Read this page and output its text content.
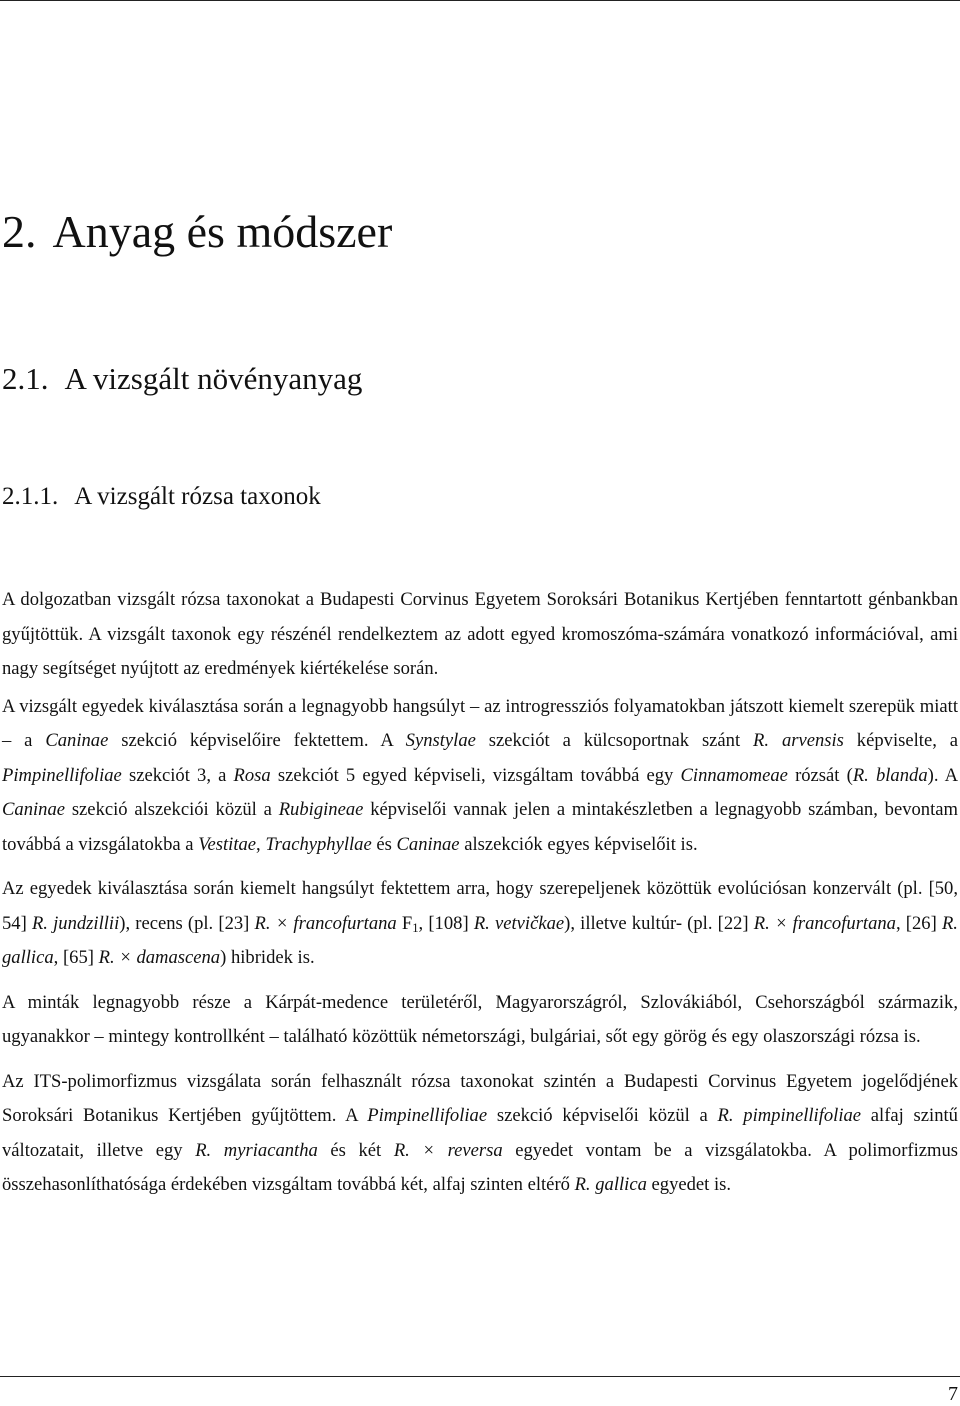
2. Anyag és módszer
2.1. A vizsgált növényanyag
2.1.1. A vizsgált rózsa taxonok

A dolgozatban vizsgált rózsa taxonokat a Budapesti Corvinus Egyetem Soroksári Botanikus Kertjében fenntartott génbankban gyűjtöttük. A vizsgált taxonok egy részénél rendelkeztem az adott egyed kromoszóma-számára vonatkozó információval, ami nagy segítséget nyújtott az eredmények kiértékelése során.

A vizsgált egyedek kiválasztása során a legnagyobb hangsúlyt – az introgressziós folyamatokban játszott kiemelt szerepük miatt – a Caninae szekció képviselőire fektettem. A Synstylae szekciót a külcsoportnak szánt R. arvensis képviselte, a Pimpinellifoliae szekciót 3, a Rosa szekciót 5 egyed képviseli, vizsgáltam továbbá egy Cinnamomeae rózsát (R. blanda). A Caninae szekció alszekciói közül a Rubigineae képviselői vannak jelen a mintakészletben a legnagyobb számban, bevontam továbbá a vizsgálatokba a Vestitae, Trachyphyllae és Caninae alszekciók egyes képviselőit is.

Az egyedek kiválasztása során kiemelt hangsúlyt fektettem arra, hogy szerepeljenek közöttük evolúciósan konzervált (pl. [50, 54] R. jundzillii), recens (pl. [23] R. × francofurtana $F_1$, [108] R. vetvičkae), illetve kultúr- (pl. [22] R. × francofurtana, [26] R. gallica, [65] R. × damascena) hibridek is.

A minták legnagyobb része a Kárpát-medence területéről, Magyarországról, Szlovákiából, Csehországból származik, ugyanakkor – mintegy kontrollként – található közöttük németországi, bulgáriai, sőt egy görög és egy olaszországi rózsa is.

Az ITS-polimorfizmus vizsgálata során felhasznált rózsa taxonokat szintén a Budapesti Corvinus Egyetem jogelődjének Soroksári Botanikus Kertjében gyűjtöttem. A Pimpinellifoliae szekció képviselői közül a R. pimpinellifoliae alfaj szintű változatait, illetve egy R. myriacantha és két R. × reversa egyedet vontam be a vizsgálatokba. A polimorfizmus összehasonlíthatósága érdekében vizsgáltam továbbá két, alfaj szinten eltérő R. gallica egyedet is.

7
